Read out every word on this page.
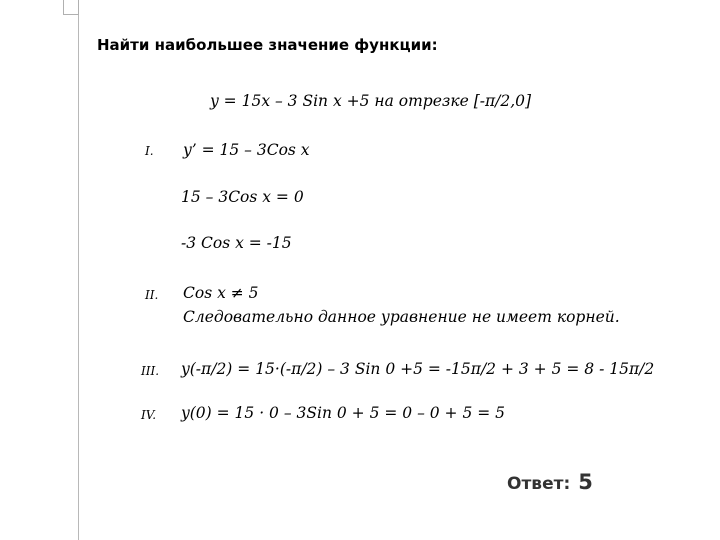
Найти наибольшее значение функции:
y = 15x – 3 Sin x +5 на отрезке [-π/2,0]
I. y’ = 15 – 3Cos x
15 – 3Cos x = 0
-3 Cos x = -15
II. Cos x ≠ 5
Следовательно данное уравнение не имеет корней.
III. y(-π/2) = 15·(-π/2) – 3 Sin 0 +5 = -15π/2 + 3 + 5 = 8 - 15π/2
IV. y(0) = 15 · 0 – 3Sin 0 + 5 = 0 – 0 + 5 = 5
Ответ: 5
